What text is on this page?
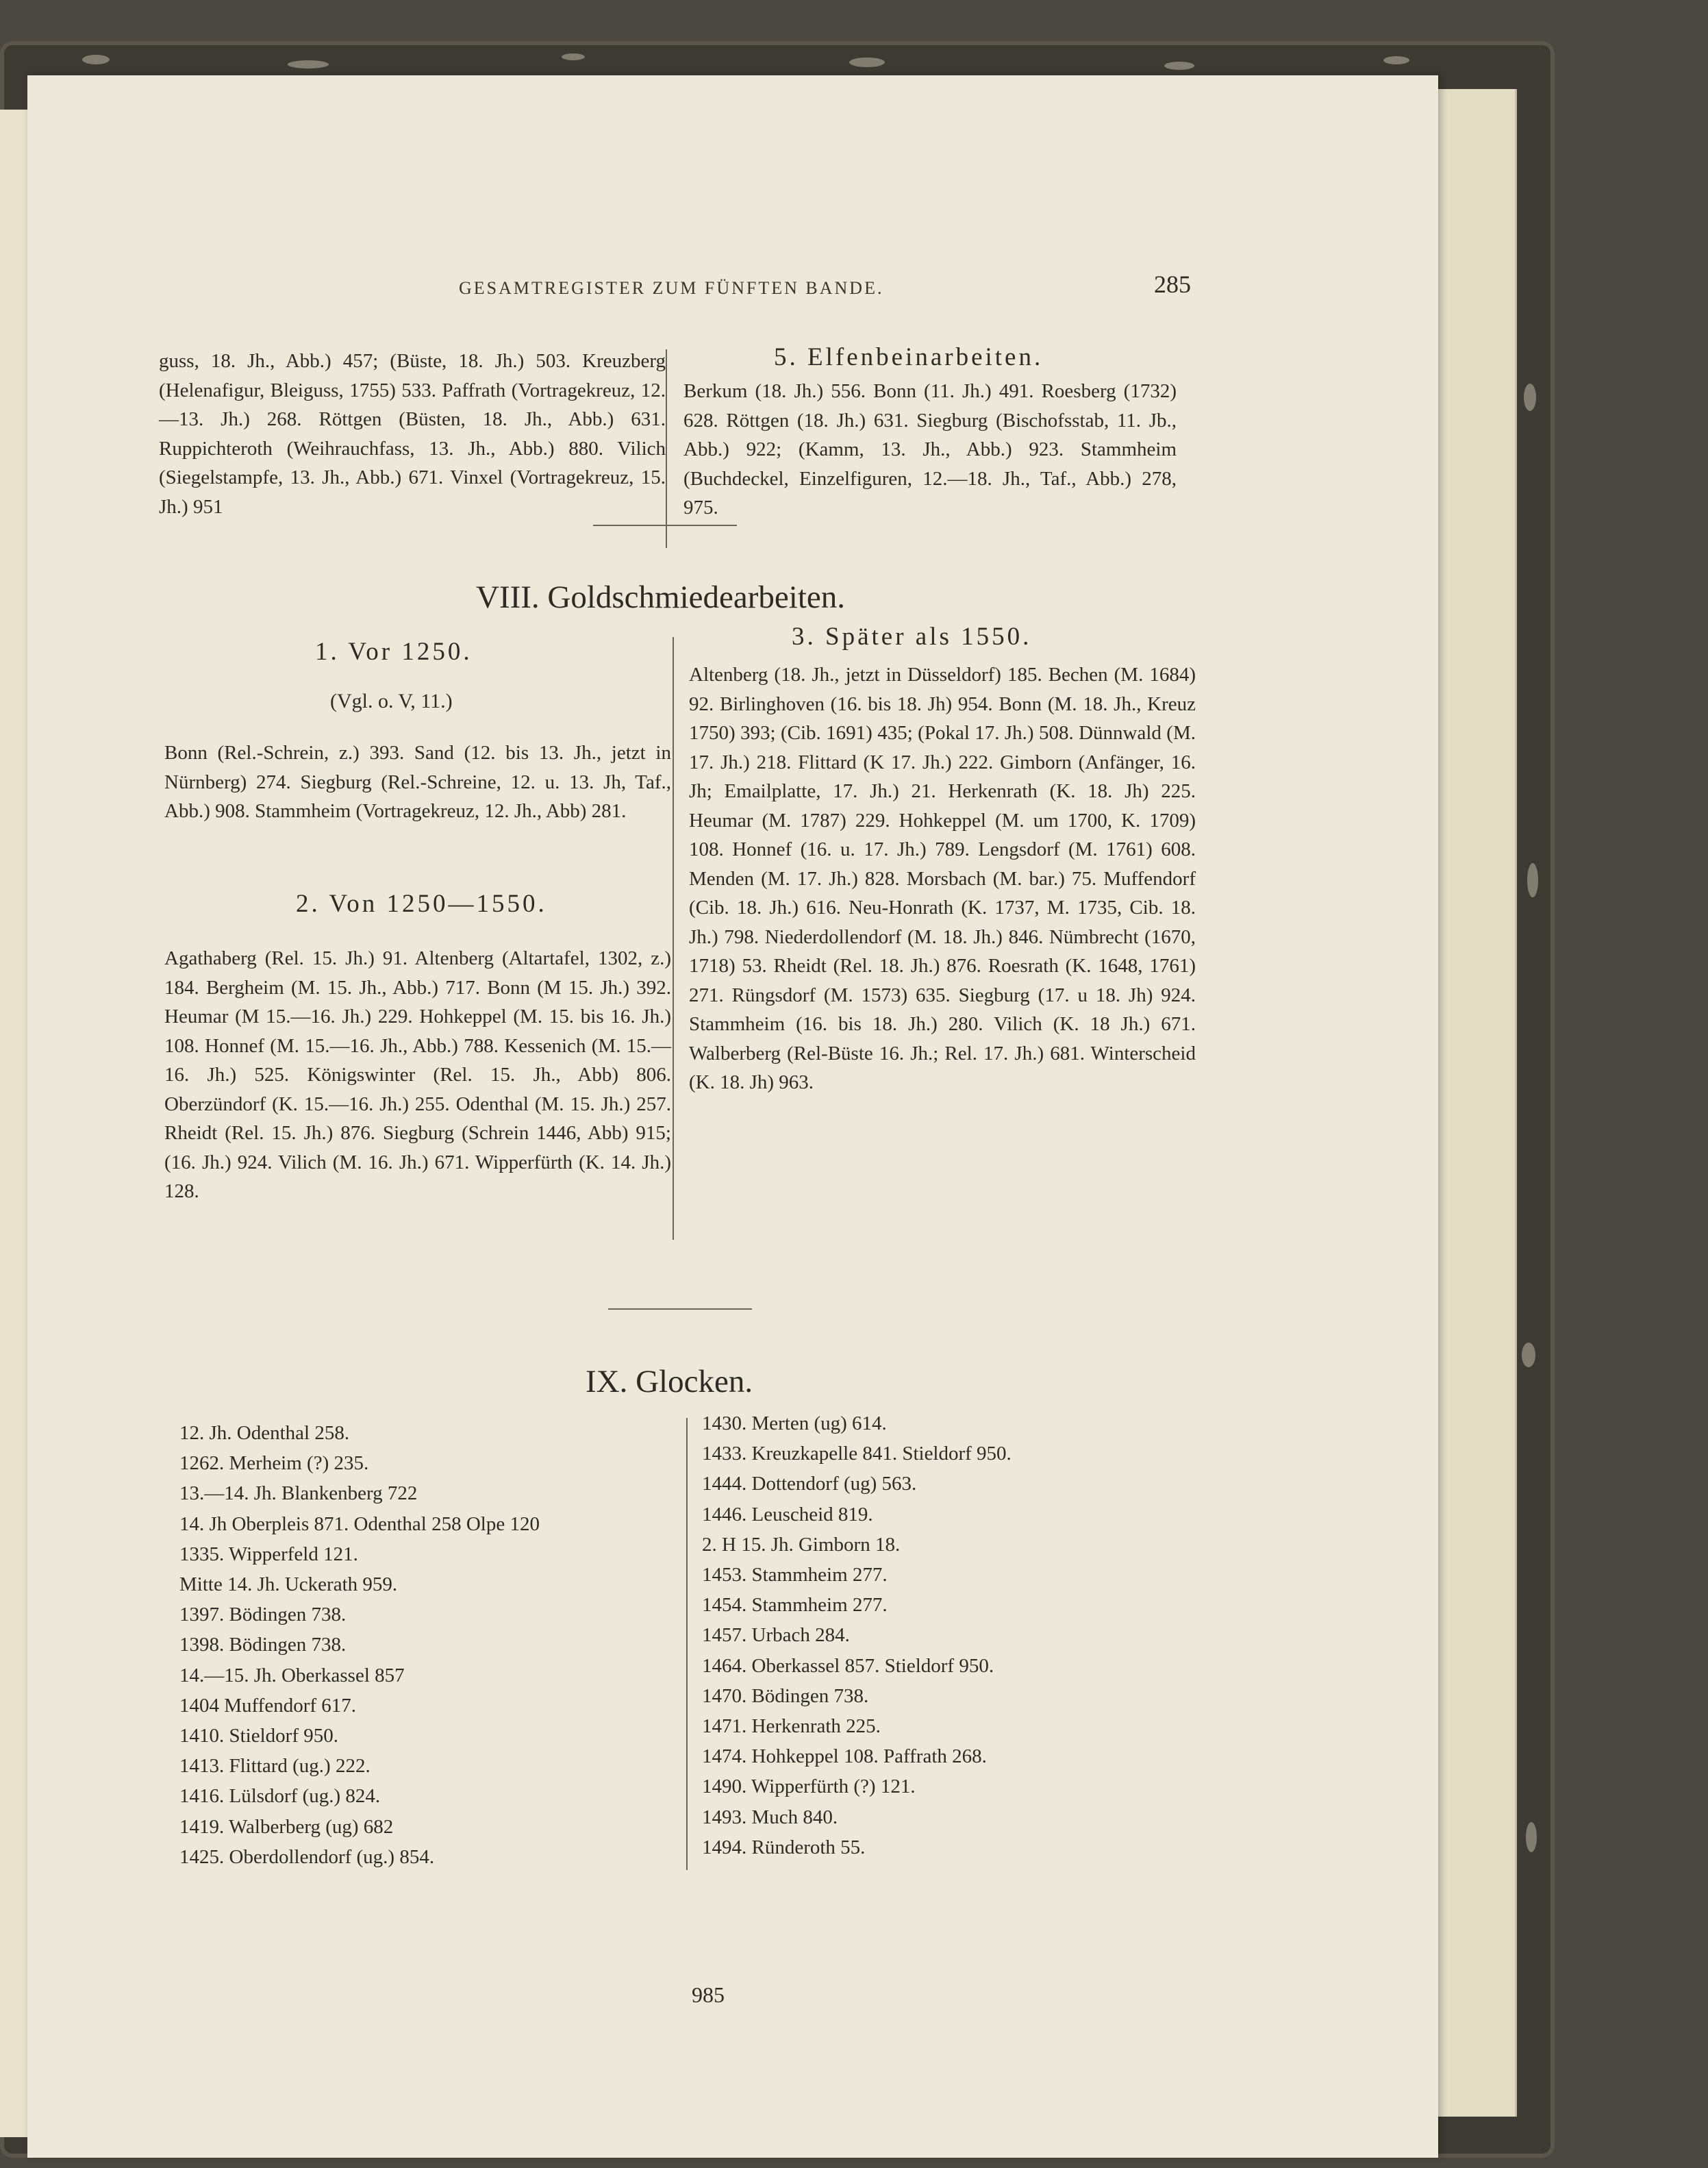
GESAMTREGISTER ZUM FÜNFTEN BANDE.	285

guss, 18. Jh., Abb.) 457; (Büste, 18. Jh.) 503. Kreuzberg (Helenafigur, Bleiguss, 1755) 533. Paffrath (Vortragekreuz, 12.—13. Jh.) 268. Röttgen (Büsten, 18. Jh., Abb.) 631. Ruppichteroth (Weihrauchfass, 13. Jh., Abb.) 880. Vilich (Siegelstampfe, 13. Jh., Abb.) 671. Vinxel (Vortragekreuz, 15. Jh.) 951

5. Elfenbeinarbeiten.

Berkum (18. Jh.) 556. Bonn (11. Jh.) 491. Roesberg (1732) 628. Röttgen (18. Jh.) 631. Siegburg (Bischofsstab, 11. Jb., Abb.) 922; (Kamm, 13. Jh., Abb.) 923. Stammheim (Buchdeckel, Einzelfiguren, 12.—18. Jh., Taf., Abb.) 278, 975.

VIII. Goldschmiedearbeiten.
1. Vor 1250.
(Vgl. o. V, 11.)

Bonn (Rel.-Schrein, z.) 393. Sand (12. bis 13. Jh., jetzt in Nürnberg) 274. Siegburg (Rel.-Schreine, 12. u. 13. Jh, Taf., Abb.) 908. Stammheim (Vortragekreuz, 12. Jh., Abb) 281.

2. Von 1250—1550.

Agathaberg (Rel. 15. Jh.) 91. Altenberg (Altartafel, 1302, z.) 184. Bergheim (M. 15. Jh., Abb.) 717. Bonn (M 15. Jh.) 392. Heumar (M 15.—16. Jh.) 229. Hohkeppel (M. 15. bis 16. Jh.) 108. Honnef (M. 15.—16. Jh., Abb.) 788. Kessenich (M. 15.—16. Jh.) 525. Königswinter (Rel. 15. Jh., Abb) 806. Oberzündorf (K. 15.—16. Jh.) 255. Odenthal (M. 15. Jh.) 257. Rheidt (Rel. 15. Jh.) 876. Siegburg (Schrein 1446, Abb) 915; (16. Jh.) 924. Vilich (M. 16. Jh.) 671. Wipperfürth (K. 14. Jh.) 128.

3. Später als 1550.

Altenberg (18. Jh., jetzt in Düsseldorf) 185. Bechen (M. 1684) 92. Birlinghoven (16. bis 18. Jh) 954. Bonn (M. 18. Jh., Kreuz 1750) 393; (Cib. 1691) 435; (Pokal 17. Jh.) 508. Dünnwald (M. 17. Jh.) 218. Flittard (K 17. Jh.) 222. Gimborn (Anfänger, 16. Jh; Emailplatte, 17. Jh.) 21. Herkenrath (K. 18. Jh) 225. Heumar (M. 1787) 229. Hohkeppel (M. um 1700, K. 1709) 108. Honnef (16. u. 17. Jh.) 789. Lengsdorf (M. 1761) 608. Menden (M. 17. Jh.) 828. Morsbach (M. bar.) 75. Muffendorf (Cib. 18. Jh.) 616. Neu-Honrath (K. 1737, M. 1735, Cib. 18. Jh.) 798. Niederdollendorf (M. 18. Jh.) 846. Nümbrecht (1670, 1718) 53. Rheidt (Rel. 18. Jh.) 876. Roesrath (K. 1648, 1761) 271. Rüngsdorf (M. 1573) 635. Siegburg (17. u 18. Jh) 924. Stammheim (16. bis 18. Jh.) 280. Vilich (K. 18 Jh.) 671. Walberberg (Rel-Büste 16. Jh.; Rel. 17. Jh.) 681. Winterscheid (K. 18. Jh) 963.

IX. Glocken.
12. Jh. Odenthal 258.
1262. Merheim (?) 235.
13.—14. Jh. Blankenberg 722
14. Jh Oberpleis 871. Odenthal 258 Olpe 120
1335. Wipperfeld 121.
Mitte 14. Jh. Uckerath 959.
1397. Bödingen 738.
1398. Bödingen 738.
14.—15. Jh. Oberkassel 857
1404 Muffendorf 617.
1410. Stieldorf 950.
1413. Flittard (ug.) 222.
1416. Lülsdorf (ug.) 824.
1419. Walberberg (ug) 682
1425. Oberdollendorf (ug.) 854.
1430. Merten (ug) 614.
1433. Kreuzkapelle 841. Stieldorf 950.
1444. Dottendorf (ug) 563.
1446. Leuscheid 819.
2. H 15. Jh. Gimborn 18.
1453. Stammheim 277.
1454. Stammheim 277.
1457. Urbach 284.
1464. Oberkassel 857. Stieldorf 950.
1470. Bödingen 738.
1471. Herkenrath 225.
1474. Hohkeppel 108. Paffrath 268.
1490. Wipperfürth (?) 121.
1493. Much 840.
1494. Ründeroth 55.
985
